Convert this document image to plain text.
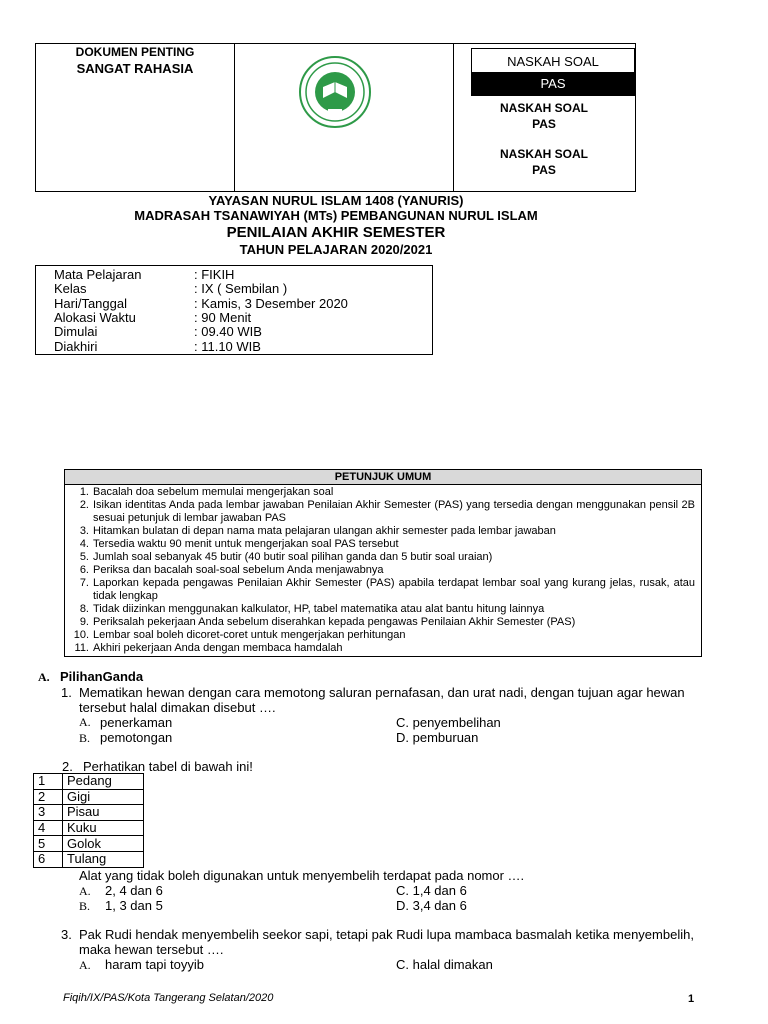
DOKUMEN PENTING
SANGAT RAHASIA	NASKAH SOAL
PAS
NASKAH SOAL
PAS
NASKAH SOAL
PAS
YAYASAN NURUL ISLAM 1408 (YANURIS)
MADRASAH TSANAWIYAH (MTs) PEMBANGUNAN NURUL ISLAM
PENILAIAN AKHIR SEMESTER
TAHUN PELAJARAN 2020/2021
Mata Pelajaran	: FIKIH
Kelas	: IX ( Sembilan )
Hari/Tanggal	: Kamis, 3 Desember 2020
Alokasi Waktu	: 90 Menit
Dimulai	: 09.40 WIB
Diakhiri	: 11.10 WIB
PETUNJUK UMUM
1. Bacalah doa sebelum memulai mengerjakan soal
2. Isikan identitas Anda pada lembar jawaban Penilaian Akhir Semester (PAS) yang tersedia dengan menggunakan pensil 2B sesuai petunjuk di lembar jawaban PAS
3. Hitamkan bulatan di depan nama mata pelajaran ulangan akhir semester pada lembar jawaban
4. Tersedia waktu 90 menit untuk mengerjakan soal PAS tersebut
5. Jumlah soal sebanyak 45 butir (40 butir soal pilihan ganda dan 5 butir soal uraian)
6. Periksa dan bacalah soal-soal sebelum Anda menjawabnya
7. Laporkan kepada pengawas Penilaian Akhir Semester (PAS) apabila terdapat lembar soal yang kurang jelas, rusak, atau tidak lengkap
8. Tidak diizinkan menggunakan kalkulator, HP, tabel matematika atau alat bantu hitung lainnya
9. Periksalah pekerjaan Anda sebelum diserahkan kepada pengawas Penilaian Akhir Semester (PAS)
10. Lembar soal boleh dicoret-coret untuk mengerjakan perhitungan
11. Akhiri pekerjaan Anda dengan membaca hamdalah
A. PilihanGanda
1. Mematikan hewan dengan cara memotong saluran pernafasan, dan urat nadi, dengan tujuan agar hewan
tersebut halal dimakan disebut ….
A. penerkaman
B. pemotongan
C. penyembelihan
D. pemburuan
2. Perhatikan tabel di bawah ini!
1	Pedang
2	Gigi
3	Pisau
4	Kuku
5	Golok
6	Tulang
Alat yang tidak boleh digunakan untuk menyembelih terdapat pada nomor ….
A. 2, 4 dan 6
B. 1, 3 dan 5
C. 1,4 dan 6
D. 3,4 dan 6
3. Pak Rudi hendak menyembelih seekor sapi, tetapi pak Rudi lupa mambaca basmalah ketika menyembelih,
maka hewan tersebut ….
A. haram tapi toyyib	C. halal dimakan
Fiqih/IX/PAS/Kota Tangerang Selatan/2020	1
